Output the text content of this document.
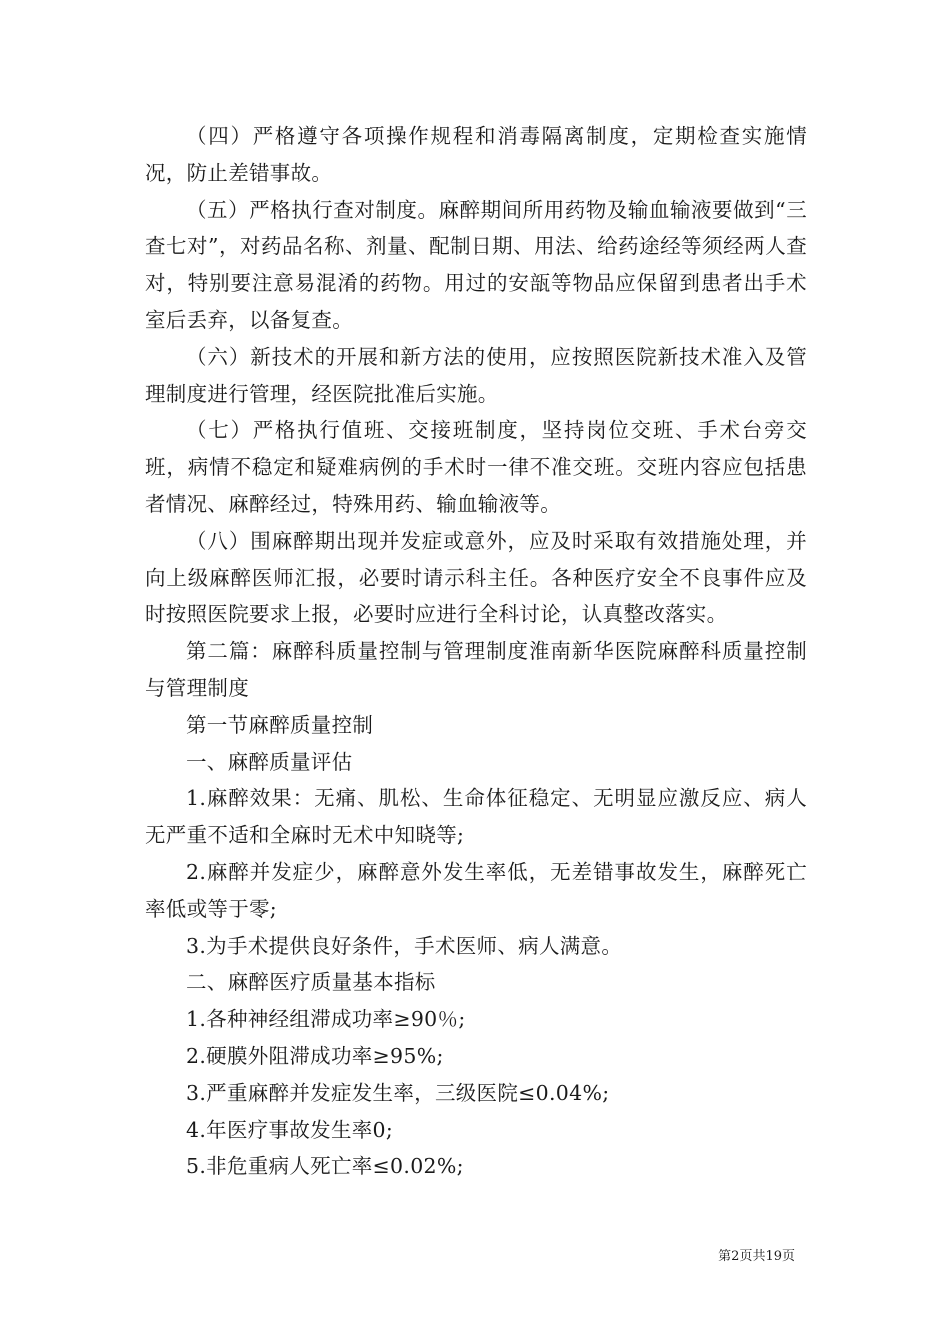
（四）严格遵守各项操作规程和消毒隔离制度，定期检查实施情况，防止差错事故。

（五）严格执行查对制度。麻醉期间所用药物及输血输液要做到“三查七对”，对药品名称、剂量、配制日期、用法、给药途经等须经两人查对，特别要注意易混淆的药物。用过的安瓿等物品应保留到患者出手术室后丢弃，以备复查。

（六）新技术的开展和新方法的使用，应按照医院新技术准入及管理制度进行管理，经医院批准后实施。

（七）严格执行值班、交接班制度，坚持岗位交班、手术台旁交班，病情不稳定和疑难病例的手术时一律不准交班。交班内容应包括患者情况、麻醉经过，特殊用药、输血输液等。

（八）围麻醉期出现并发症或意外，应及时采取有效措施处理，并向上级麻醉医师汇报，必要时请示科主任。各种医疗安全不良事件应及时按照医院要求上报，必要时应进行全科讨论，认真整改落实。

第二篇：麻醉科质量控制与管理制度淮南新华医院麻醉科质量控制与管理制度

第一节麻醉质量控制

一、麻醉质量评估

1.麻醉效果：无痛、肌松、生命体征稳定、无明显应激反应、病人无严重不适和全麻时无术中知晓等;

2.麻醉并发症少，麻醉意外发生率低，无差错事故发生，麻醉死亡率低或等于零;

3.为手术提供良好条件，手术医师、病人满意。

二、麻醉医疗质量基本指标

1.各种神经组滞成功率≥90％;

2.硬膜外阻滞成功率≥95%;

3.严重麻醉并发症发生率，三级医院≤0.04%;

4.年医疗事故发生率0;

5.非危重病人死亡率≤0.02%;

第2页共19页
